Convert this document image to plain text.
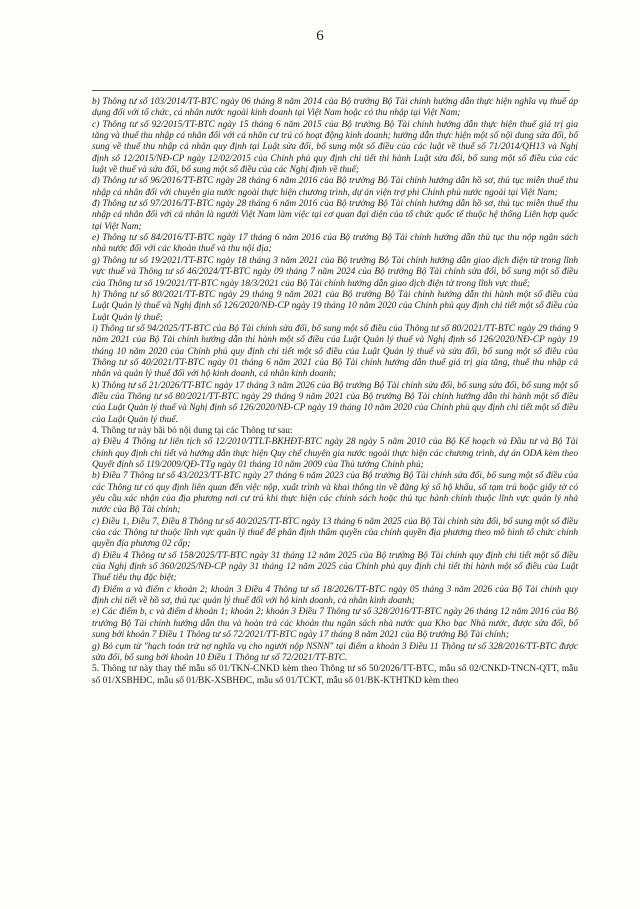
6

b) Thông tư số 103/2014/TT-BTC ngày 06 tháng 8 năm 2014 của Bộ trưởng Bộ Tài chính hướng dẫn thực hiện nghĩa vụ thuế áp dụng đối với tổ chức, cá nhân nước ngoài kinh doanh tại Việt Nam hoặc có thu nhập tại Việt Nam;

c) Thông tư số 92/2015/TT-BTC ngày 15 tháng 6 năm 2015 của Bộ trưởng Bộ Tài chính hướng dẫn thực hiện thuế giá trị gia tăng và thuế thu nhập cá nhân đối với cá nhân cư trú có hoạt động kinh doanh; hướng dẫn thực hiện một số nội dung sửa đổi, bổ sung về thuế thu nhập cá nhân quy định tại Luật sửa đổi, bổ sung một số điều của các luật về thuế số 71/2014/QH13 và Nghị định số 12/2015/NĐ-CP ngày 12/02/2015 của Chính phủ quy định chi tiết thi hành Luật sửa đổi, bổ sung một số điều của các luật về thuế và sửa đổi, bổ sung một số điều của các Nghị định về thuế;

d) Thông tư số 96/2016/TT-BTC ngày 28 tháng 6 năm 2016 của Bộ trưởng Bộ Tài chính hướng dẫn hồ sơ, thủ tục miễn thuế thu nhập cá nhân đối với chuyên gia nước ngoài thực hiện chương trình, dự án viện trợ phi Chính phủ nước ngoài tại Việt Nam;

đ) Thông tư số 97/2016/TT-BTC ngày 28 tháng 6 năm 2016 của Bộ trưởng Bộ Tài chính hướng dẫn hồ sơ, thủ tục miễn thuế thu nhập cá nhân đối với cá nhân là người Việt Nam làm việc tại cơ quan đại diện của tổ chức quốc tế thuộc hệ thống Liên hợp quốc tại Việt Nam;

e) Thông tư số 84/2016/TT-BTC ngày 17 tháng 6 năm 2016 của Bộ trưởng Bộ Tài chính hướng dẫn thủ tục thu nộp ngân sách nhà nước đối với các khoản thuế và thu nội địa;

g) Thông tư số 19/2021/TT-BTC ngày 18 tháng 3 năm 2021 của Bộ trưởng Bộ Tài chính hướng dẫn giao dịch điện tử trong lĩnh vực thuế và Thông tư số 46/2024/TT-BTC ngày 09 tháng 7 năm 2024 của Bộ trưởng Bộ Tài chính sửa đổi, bổ sung một số điều của Thông tư số 19/2021/TT-BTC ngày 18/3/2021 của Bộ Tài chính hướng dẫn giao dịch điện tử trong lĩnh vực thuế;

h) Thông tư số 80/2021/TT-BTC ngày 29 tháng 9 năm 2021 của Bộ trưởng Bộ Tài chính hướng dẫn thi hành một số điều của Luật Quản lý thuế và Nghị định số 126/2020/NĐ-CP ngày 19 tháng 10 năm 2020 của Chính phủ quy định chi tiết một số điều của Luật Quản lý thuế;

i) Thông tư số 94/2025/TT-BTC của Bộ Tài chính sửa đổi, bổ sung một số điều của Thông tư số 80/2021/TT-BTC ngày 29 tháng 9 năm 2021 của Bộ Tài chính hướng dẫn thi hành một số điều của Luật Quản lý thuế và Nghị định số 126/2020/NĐ-CP ngày 19 tháng 10 năm 2020 của Chính phủ quy định chi tiết một số điều của Luật Quản lý thuế và sửa đổi, bổ sung một số điều của Thông tư số 40/2021/TT-BTC ngày 01 tháng 6 năm 2021 của Bộ Tài chính hướng dẫn thuế giá trị gia tăng, thuế thu nhập cá nhân và quản lý thuế đối với hộ kinh doanh, cá nhân kinh doanh;

k) Thông tư số 21/2026/TT-BTC ngày 17 tháng 3 năm 2026 của Bộ trưởng Bộ Tài chính sửa đổi, bổ sung sửa đổi, bổ sung một số điều của Thông tư số 80/2021/TT-BTC ngày 29 tháng 9 năm 2021 của Bộ trưởng Bộ Tài chính hướng dẫn thi hành một số điều của Luật Quản lý thuế và Nghị định số 126/2020/NĐ-CP ngày 19 tháng 10 năm 2020 của Chính phủ quy định chi tiết một số điều của Luật Quản lý thuế.

4. Thông tư này bãi bỏ nội dung tại các Thông tư sau:

a) Điều 4 Thông tư liên tịch số 12/2010/TTLT-BKHĐT-BTC ngày 28 ngày 5 năm 2010 của Bộ Kế hoạch và Đầu tư và Bộ Tài chính quy định chi tiết và hướng dẫn thực hiện Quy chế chuyên gia nước ngoài thực hiện các chương trình, dự án ODA kèm theo Quyết định số 119/2009/QĐ-TTg ngày 01 tháng 10 năm 2009 của Thủ tướng Chính phủ;

b) Điều 7 Thông tư số 43/2023/TT-BTC ngày 27 tháng 6 năm 2023 của Bộ trưởng Bộ Tài chính sửa đổi, bổ sung một số điều của các Thông tư có quy định liên quan đến việc nộp, xuất trình và khai thông tin về đăng ký sổ hộ khẩu, sổ tạm trú hoặc giấy tờ có yêu cầu xác nhận của địa phương nơi cư trú khi thực hiện các chính sách hoặc thủ tục hành chính thuộc lĩnh vực quản lý nhà nước của Bộ Tài chính;

c) Điều 1, Điều 7, Điều 8 Thông tư số 40/2025/TT-BTC ngày 13 tháng 6 năm 2025 của Bộ Tài chính sửa đổi, bổ sung một số điều của các Thông tư thuộc lĩnh vực quản lý thuế để phân định thẩm quyền của chính quyền địa phương theo mô hình tổ chức chính quyền địa phương 02 cấp;

d) Điều 4 Thông tư số 158/2025/TT-BTC ngày 31 tháng 12 năm 2025 của Bộ trưởng Bộ Tài chính quy định chi tiết một số điều của Nghị định số 360/2025/NĐ-CP ngày 31 tháng 12 năm 2025 của Chính phủ quy định chi tiết thi hành một số điều của Luật Thuế tiêu thụ đặc biệt;

đ) Điểm a và điểm c khoản 2; khoản 3 Điều 4 Thông tư số 18/2026/TT-BTC ngày 05 tháng 3 năm 2026 của Bộ Tài chính quy định chi tiết về hồ sơ, thủ tục quản lý thuế đối với hộ kinh doanh, cá nhân kinh doanh;

e) Các điểm b, c và điểm d khoản 1; khoản 2; khoản 3 Điều 7 Thông tư số 328/2016/TT-BTC ngày 26 tháng 12 năm 2016 của Bộ trưởng Bộ Tài chính hướng dẫn thu và hoàn trả các khoản thu ngân sách nhà nước qua Kho bạc Nhà nước, được sửa đổi, bổ sung bởi khoản 7 Điều 1 Thông tư số 72/2021/TT-BTC ngày 17 tháng 8 năm 2021 của Bộ trưởng Bộ Tài chính;

g) Bỏ cụm từ "hạch toán trừ nợ nghĩa vụ cho người nộp NSNN" tại điểm a khoản 3 Điều 11 Thông tư số 328/2016/TT-BTC được sửa đổi, bổ sung bởi khoản 10 Điều 1 Thông tư số 72/2021/TT-BTC.

5. Thông tư này thay thế mẫu số 01/TKN-CNKD kèm theo Thông tư số 50/2026/TT-BTC, mẫu số 02/CNKD-TNCN-QTT, mẫu số 01/XSBHĐC, mẫu số 01/BK-XSBHĐC, mẫu số 01/TCKT, mẫu số 01/BK-KTHTKD kèm theo
